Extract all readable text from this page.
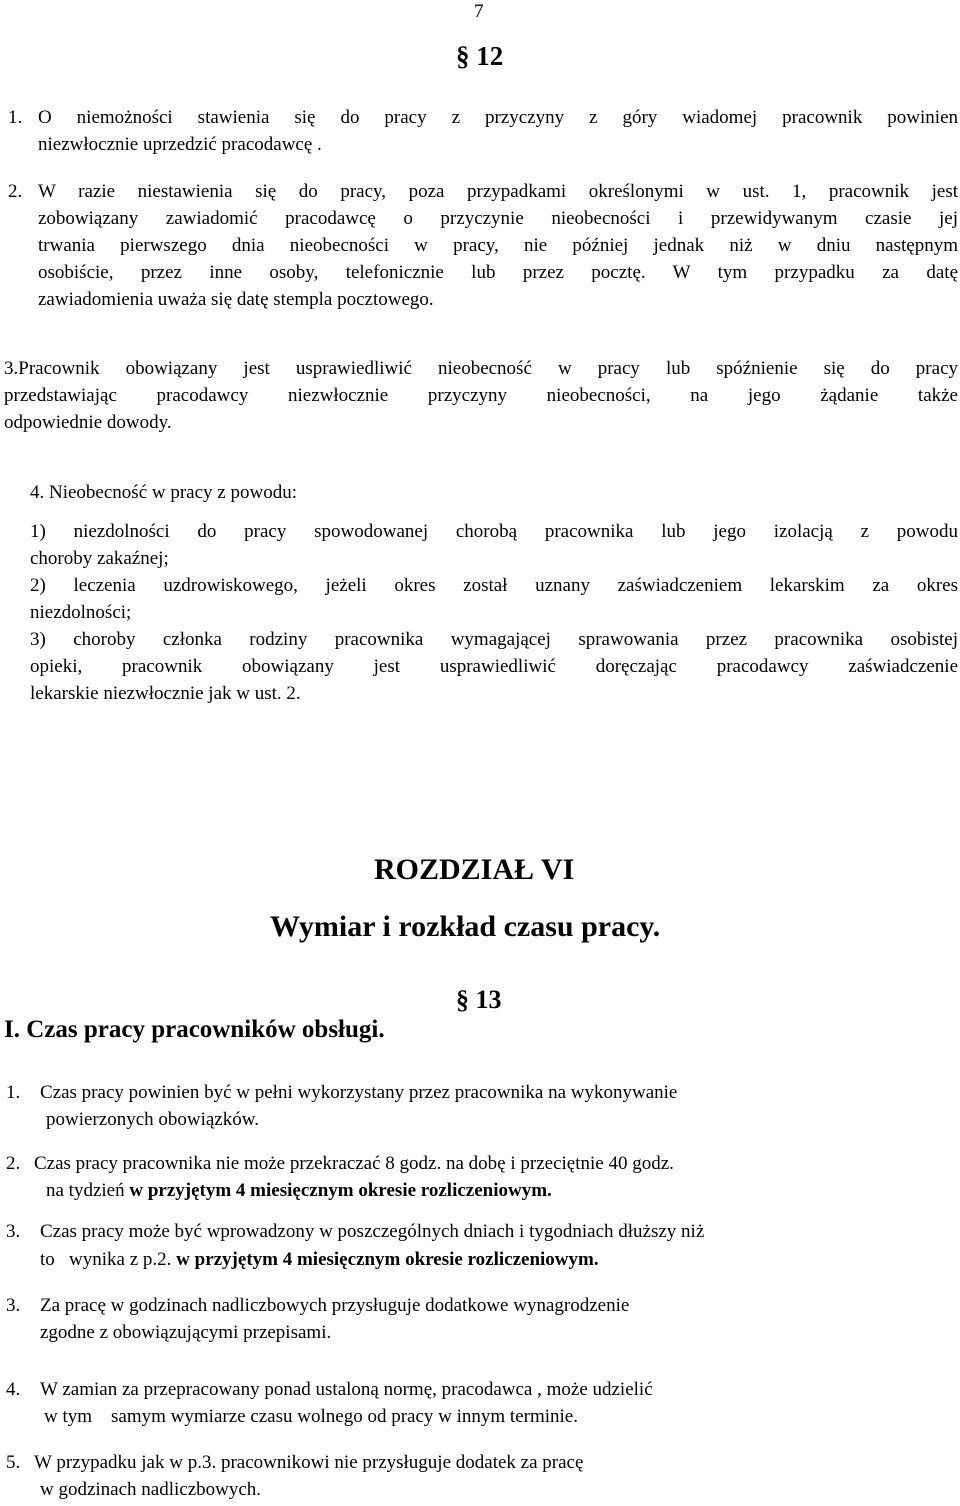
7
§ 12
1. O niemożności stawienia się do pracy z przyczyny z góry wiadomej pracownik powinien
niezwłocznie uprzedzić pracodawcę .
2. W razie niestawienia się do pracy, poza przypadkami określonymi w ust. 1, pracownik jest
zobowiązany zawiadomić pracodawcę o przyczynie nieobecności i przewidywanym czasie jej
trwania pierwszego dnia nieobecności w pracy, nie później jednak niż w dniu następnym
osobiście, przez inne osoby, telefonicznie lub przez pocztę. W tym przypadku za datę
zawiadomienia uważa się datę stempla pocztowego.
3.Pracownik obowiązany jest usprawiedliwić nieobecność w pracy lub spóźnienie się do pracy
przedstawiając pracodawcy niezwłocznie przyczyny nieobecności, na jego żądanie także
odpowiednie dowody.
4. Nieobecność w pracy z powodu:
1) niezdolności do pracy spowodowanej chorobą pracownika lub jego izolacją z powodu
choroby zakaźnej;
2) leczenia uzdrowiskowego, jeżeli okres został uznany zaświadczeniem lekarskim za okres
niezdolności;
3) choroby członka rodziny pracownika wymagającej sprawowania przez pracownika osobistej
opieki, pracownik obowiązany jest usprawiedliwić doręczając pracodawcy zaświadczenie
lekarskie niezwłocznie jak w ust. 2.
ROZDZIAŁ VI
Wymiar i rozkład czasu pracy.
§ 13
I. Czas pracy pracowników obsługi.
1. Czas pracy powinien być w pełni wykorzystany przez pracownika na wykonywanie
powierzonych obowiązków.
2. Czas pracy pracownika nie może przekraczać 8 godz. na dobę i przeciętnie 40 godz.
na tydzień w przyjętym 4 miesięcznym okresie rozliczeniowym.
3. Czas pracy może być wprowadzony w poszczególnych dniach i tygodniach dłuższy niż
to   wynika z p.2. w przyjętym 4 miesięcznym okresie rozliczeniowym.
3. Za pracę w godzinach nadliczbowych przysługuje dodatkowe wynagrodzenie
zgodne z obowiązującymi przepisami.
4. W zamian za przepracowany ponad ustaloną normę, pracodawca , może udzielić
w tym    samym wymiarze czasu wolnego od pracy w innym terminie.
5. W przypadku jak w p.3. pracownikowi nie przysługuje dodatek za pracę
w godzinach nadliczbowych.
